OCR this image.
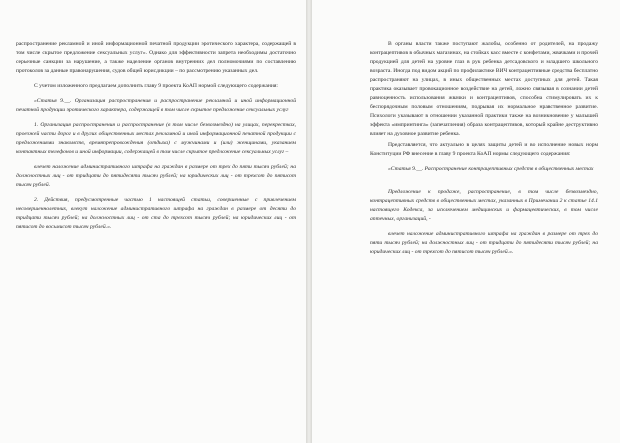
распространение рекламной и иной информационной печатной продукции эротического характера, содержащей в том числе скрытое предложение сексуальных услуг». Однако для эффективности запрета необходимы достаточно серьезные санкции за нарушение, а также наделение органов внутренних дел полномочиями по составлению протоколов за данные правонарушения, судов общей юрисдикции – по рассмотрению указанных дел.

С учетом изложенного предлагаем дополнить главу 9 проекта КоАП нормой следующего содержания:

«Статья 9.__. Организация распространения и распространение рекламной и иной информационной печатной продукции эротического характера, содержащей в том числе скрытое предложение сексуальных услуг

1. Организация распространения и распространение (в том числе безвозмездно) на улицах, перекрестках, проезжей части дорог и в других общественных местах рекламной и иной информационной печатной продукции с предложениями знакомств, времяпрепровождения (отдыха) с мужчинами и (или) женщинами, указанием контактных телефонов и иной информации, содержащей в том числе скрытое предложение сексуальных услуг –

влечет наложение административного штрафа на граждан в размере от трех до пяти тысяч рублей; на должностных лиц - от тридцати до пятидесяти тысяч рублей; на юридических лиц - от трехсот до пятисот тысяч рублей.

2. Действия, предусмотренные частью 1 настоящей статьи, совершенные с привлечением несовершеннолетних, влекут наложение административного штрафа на граждан в размере от десяти до тридцати тысяч рублей; на должностных лиц - от ста до трехсот тысяч рублей; на юридических лиц - от пятисот до восьмисот тысяч рублей.».

В органы власти также поступают жалобы, особенно от родителей, на продажу контрацептивов в обычных магазинах, на стойках касс вместе с конфетами, жвачками и прочей продукцией для детей на уровне глаз в рук ребенка детсадовского и младшего школьного возраста. Иногда под видом акций по профилактике ВИЧ контрацептивные средства бесплатно распространяют на улицах, в иных общественных местах доступных для детей. Такая практика оказывает провокационное воздействие на детей, ложно связывая в сознании детей равноценность использования жвачки и контрацептивов, способна стимулировать их к беспорядочным половым отношениям, подрывая их нормальное нравственное развитие. Психологи указывают в отношении указанной практики также на возникновение у малышей эффекта «импринтинга» (запечатления) образа контрацептивов, который крайне деструктивно влияет на духовное развитие ребенка.

Представляется, что актуально в целях защиты детей и во исполнение новых норм Конституции РФ внесение в главу 9 проекта КоАП нормы следующего содержания:

«Статья 9.__. Распространение контрацептивных средств в общественных местах

Предложение к продаже, распространение, в том числе безвозмездно, контрацептивных средств в общественных местах, указанных в Примечании 2 к статье 14.1 настоящего Кодекса, за исключением медицинских и фармацевтических, в том числе аптечных, организаций, -

влечет наложение административного штрафа на граждан в размере от трех до пяти тысяч рублей; на должностных лиц - от тридцати до пятидесяти тысяч рублей; на юридических лиц - от трехсот до пятисот тысяч рублей.».
